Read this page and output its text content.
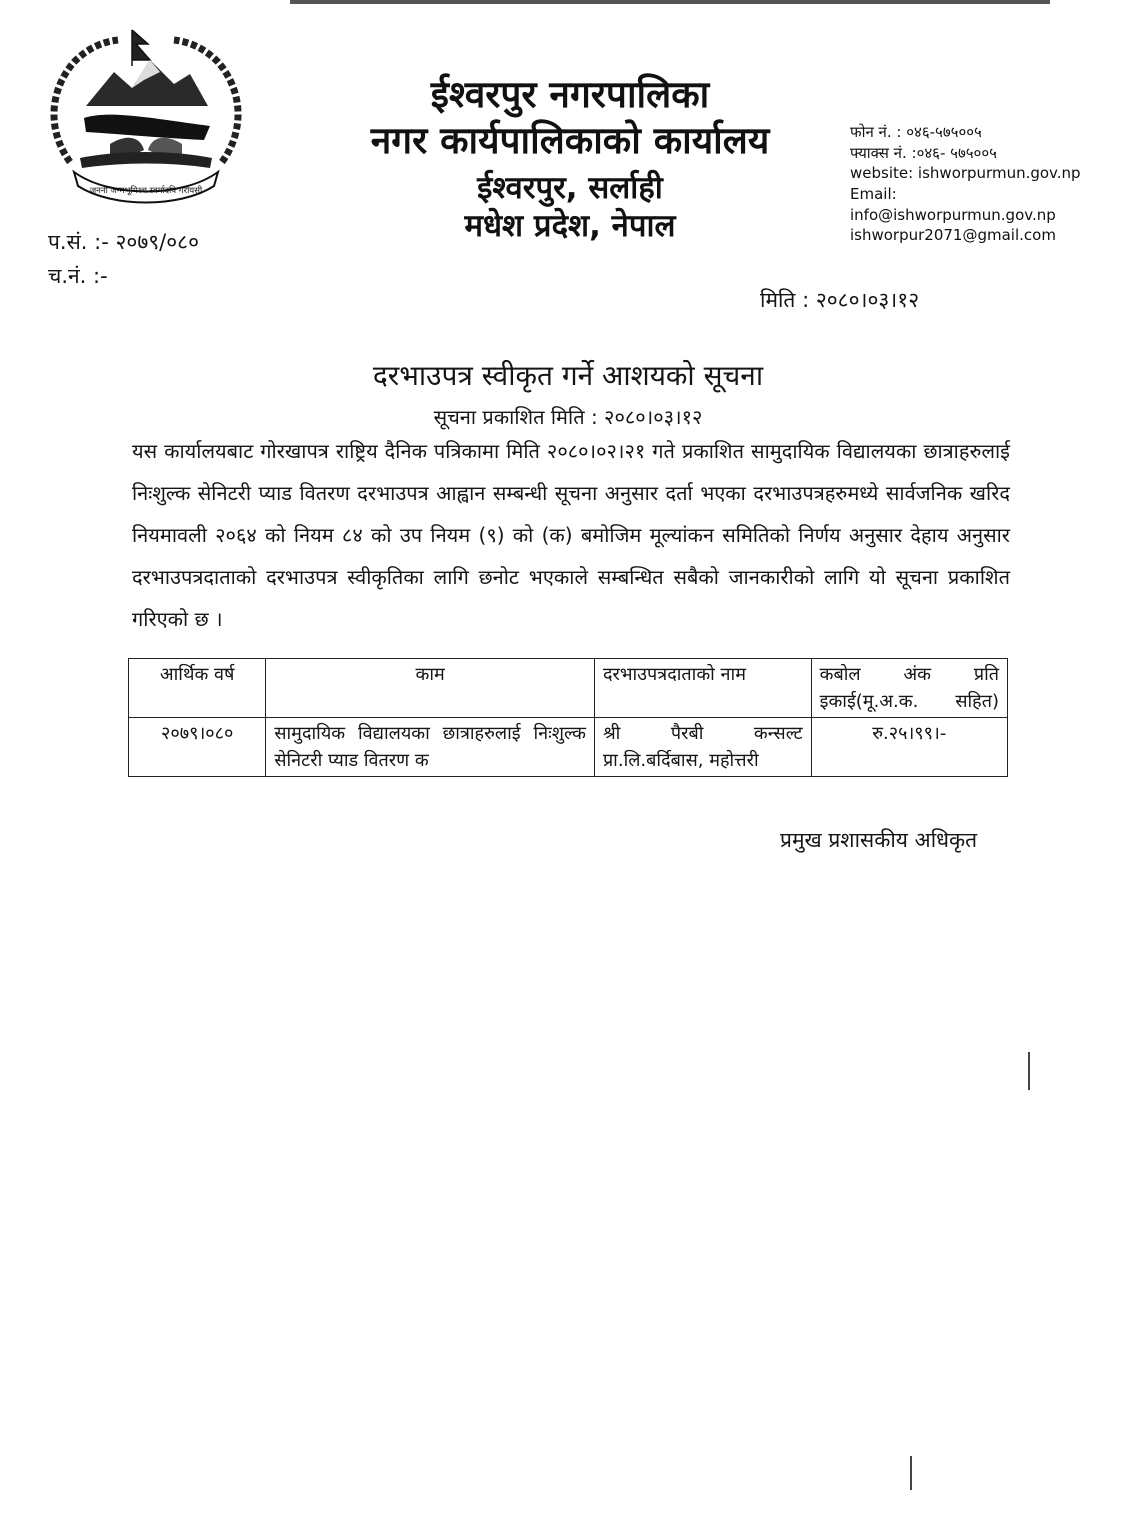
जननी जन्मभूमिश्च स्वर्गादपि गरीयसी
ईश्वरपुर नगरपालिका
नगर कार्यपालिकाको कार्यालय
ईश्वरपुर, सर्लाही
मधेश प्रदेश, नेपाल
फोन नं. : ०४६-५७५००५
फ्याक्स नं. :०४६- ५७५००५
website: ishworpurmun.gov.np
Email:
info@ishworpurmun.gov.np
ishworpur2071@gmail.com
प.सं. :- २०७९/०८०
च.नं. :-
मिति : २०८०।०३।१२
दरभाउपत्र स्वीकृत गर्ने आशयको सूचना
सूचना प्रकाशित मिति : २०८०।०३।१२
यस कार्यालयबाट गोरखापत्र राष्ट्रिय दैनिक पत्रिकामा मिति २०८०।०२।२१ गते प्रकाशित सामुदायिक विद्यालयका छात्राहरुलाई निःशुल्क सेनिटरी प्याड वितरण दरभाउपत्र आह्वान सम्बन्धी सूचना अनुसार दर्ता भएका दरभाउपत्रहरुमध्ये सार्वजनिक खरिद नियमावली २०६४ को नियम ८४ को उप नियम (९) को (क) बमोजिम मूल्यांकन समितिको निर्णय अनुसार देहाय अनुसार दरभाउपत्रदाताको दरभाउपत्र स्वीकृतिका लागि छनोट भएकाले सम्बन्धित सबैको जानकारीको लागि यो सूचना प्रकाशित गरिएको छ ।
आर्थिक वर्ष	काम	दरभाउपत्रदाताको नाम	कबोल अंक प्रति इकाई(मू.अ.क. सहित)
२०७९।०८०	सामुदायिक विद्यालयका छात्राहरुलाई निःशुल्क सेनिटरी प्याड वितरण क	श्री पैरबी कन्सल्ट प्रा.लि.बर्दिबास, महोत्तरी	रु.२५।९९।-
प्रमुख प्रशासकीय अधिकृत
